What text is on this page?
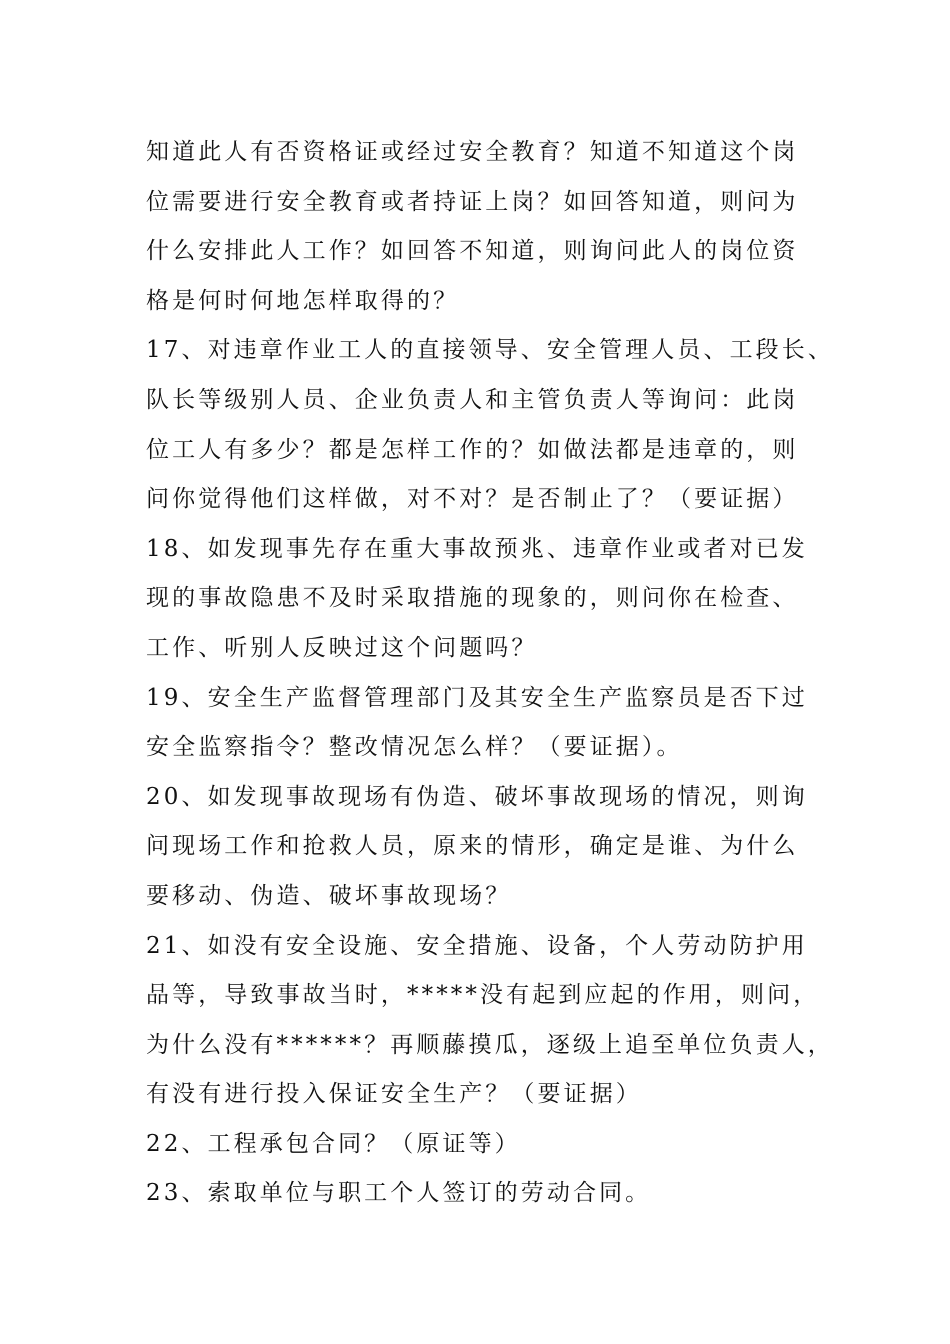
知道此人有否资格证或经过安全教育？知道不知道这个岗
位需要进行安全教育或者持证上岗？如回答知道，则问为
什么安排此人工作？如回答不知道，则询问此人的岗位资
格是何时何地怎样取得的？
17、对违章作业工人的直接领导、安全管理人员、工段长、
队长等级别人员、企业负责人和主管负责人等询问：此岗
位工人有多少？都是怎样工作的？如做法都是违章的，则
问你觉得他们这样做，对不对？是否制止了？（要证据）
18、如发现事先存在重大事故预兆、违章作业或者对已发
现的事故隐患不及时采取措施的现象的，则问你在检查、
工作、听别人反映过这个问题吗？
19、安全生产监督管理部门及其安全生产监察员是否下过
安全监察指令？整改情况怎么样？（要证据）。
20、如发现事故现场有伪造、破坏事故现场的情况，则询
问现场工作和抢救人员，原来的情形，确定是谁、为什么
要移动、伪造、破坏事故现场？
21、如没有安全设施、安全措施、设备，个人劳动防护用
品等，导致事故当时，*****没有起到应起的作用，则问，
为什么没有******？再顺藤摸瓜，逐级上追至单位负责人，
有没有进行投入保证安全生产？（要证据）
22、工程承包合同？（原证等）
23、索取单位与职工个人签订的劳动合同。
